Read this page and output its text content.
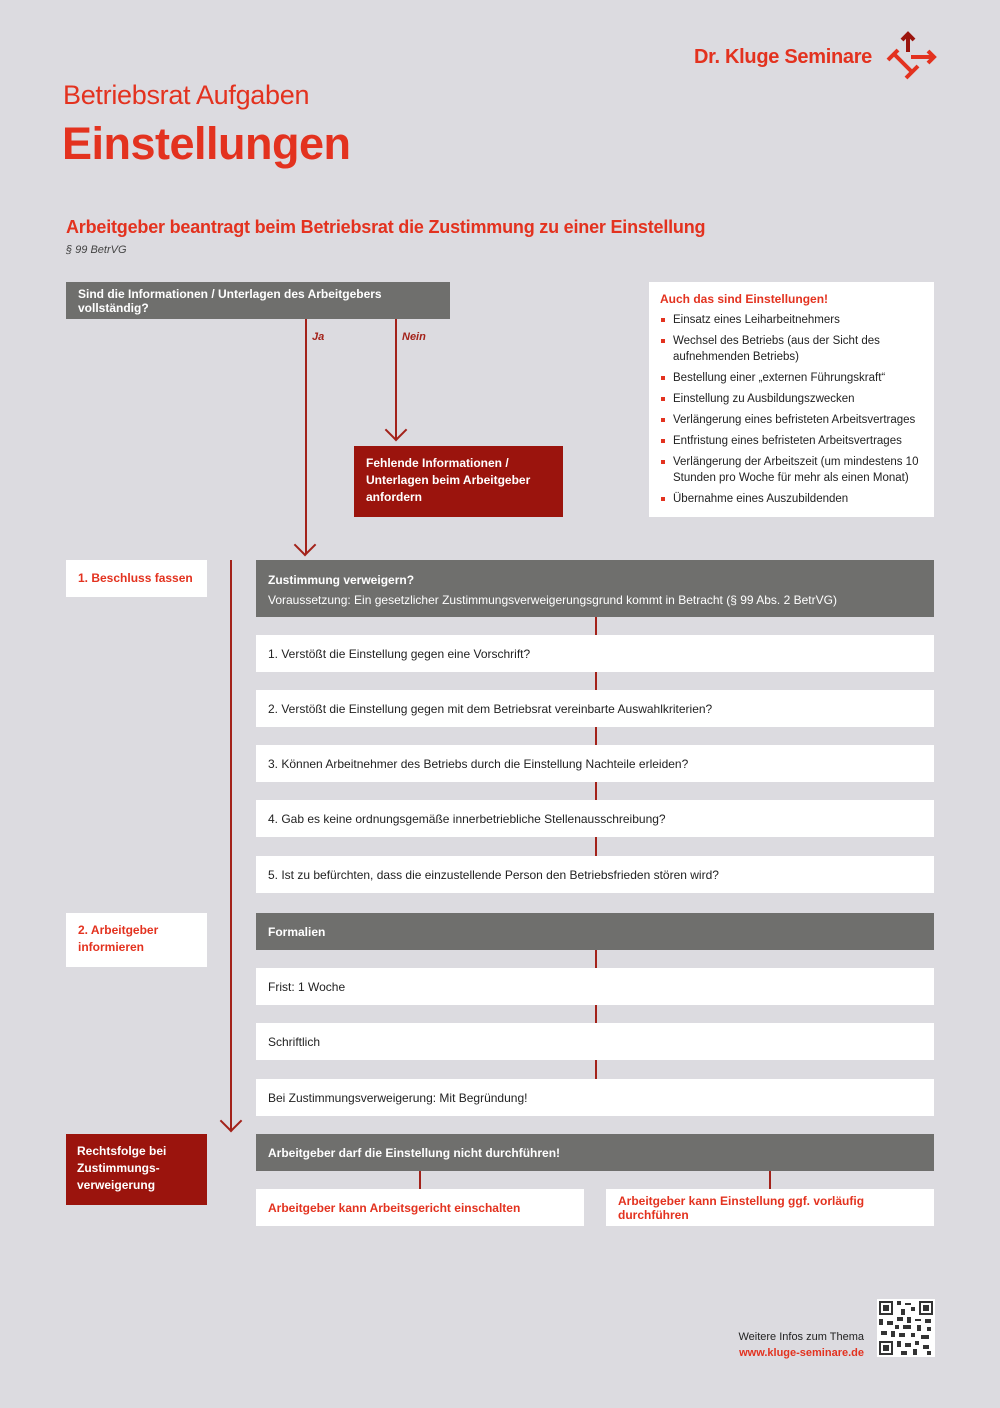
Dr. Kluge Seminare
Betriebsrat Aufgaben
Einstellungen
Arbeitgeber beantragt beim Betriebsrat die Zustimmung zu einer Einstellung
§ 99 BetrVG
Sind die Informationen / Unterlagen des Arbeitgebers vollständig?
Ja	Nein
Fehlende Informationen / Unterlagen beim Arbeitgeber anfordern
Auch das sind Einstellungen!
Einsatz eines Leiharbeitnehmers
Wechsel des Betriebs (aus der Sicht des aufnehmenden Betriebs)
Bestellung einer „externen Führungskraft“
Einstellung zu Ausbildungszwecken
Verlängerung eines befristeten Arbeitsvertrages
Entfristung eines befristeten Arbeitsvertrages
Verlängerung der Arbeitszeit (um mindestens 10 Stunden pro Woche für mehr als einen Monat)
Übernahme eines Auszubildenden
1. Beschluss fassen	Zustimmung verweigern?
Voraussetzung: Ein gesetzlicher Zustimmungsverweigerungsgrund kommt in Betracht (§ 99 Abs. 2 BetrVG)
1. Verstößt die Einstellung gegen eine Vorschrift?
2. Verstößt die Einstellung gegen mit dem Betriebsrat vereinbarte Auswahlkriterien?
3. Können Arbeitnehmer des Betriebs durch die Einstellung Nachteile erleiden?
4. Gab es keine ordnungsgemäße innerbetriebliche Stellenausschreibung?
5. Ist zu befürchten, dass die einzustellende Person den Betriebsfrieden stören wird?
2. Arbeitgeber informieren
Formalien
Frist: 1 Woche
Schriftlich
Bei Zustimmungsverweigerung: Mit Begründung!
Rechtsfolge bei Zustimmungs-verweigerung
Arbeitgeber darf die Einstellung nicht durchführen!
Arbeitgeber kann Arbeitsgericht einschalten	Arbeitgeber kann Einstellung ggf. vorläufig durchführen
Weitere Infos zum Thema
www.kluge-seminare.de
